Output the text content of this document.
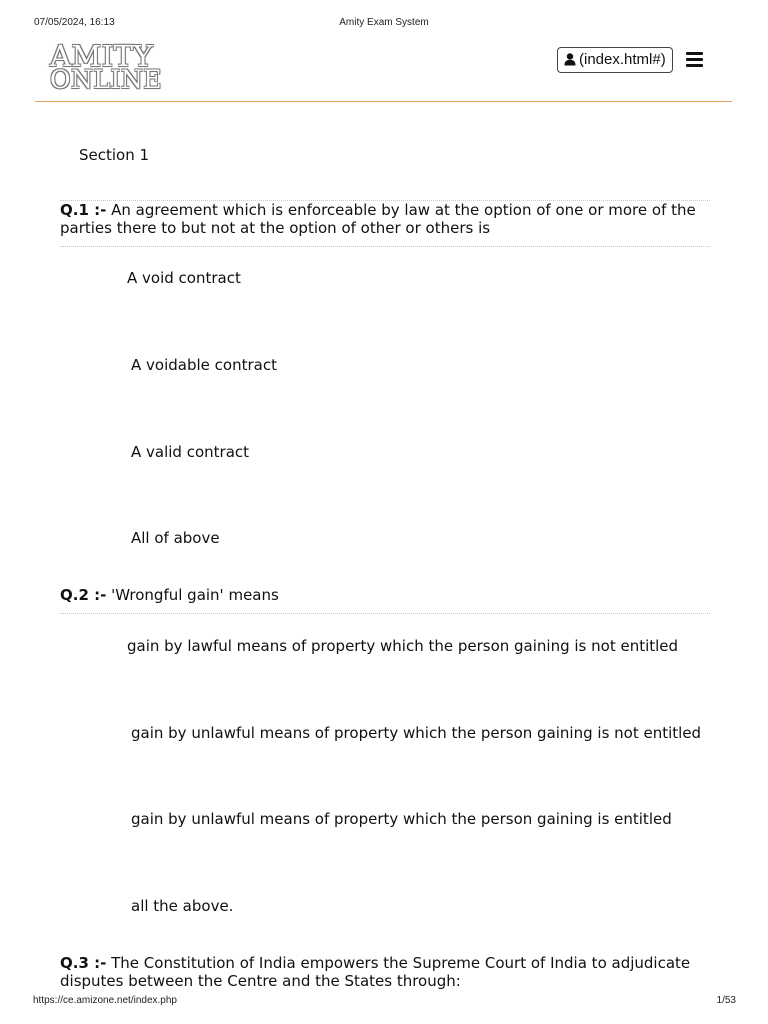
07/05/2024, 16:13	Amity Exam System
AMITY
ONLINE
(index.html#)
Section 1
Q.1 :- An agreement which is enforceable by law at the option of one or more of the parties there to but not at the option of other or others is
A void contract
A voidable contract
A valid contract
All of above
Q.2 :- 'Wrongful gain' means
gain by lawful means of property which the person gaining is not entitled
gain by unlawful means of property which the person gaining is not entitled
gain by unlawful means of property which the person gaining is entitled
all the above.
Q.3 :- The Constitution of India empowers the Supreme Court of India to adjudicate disputes between the Centre and the States through:
https://ce.amizone.net/index.php	1/53
